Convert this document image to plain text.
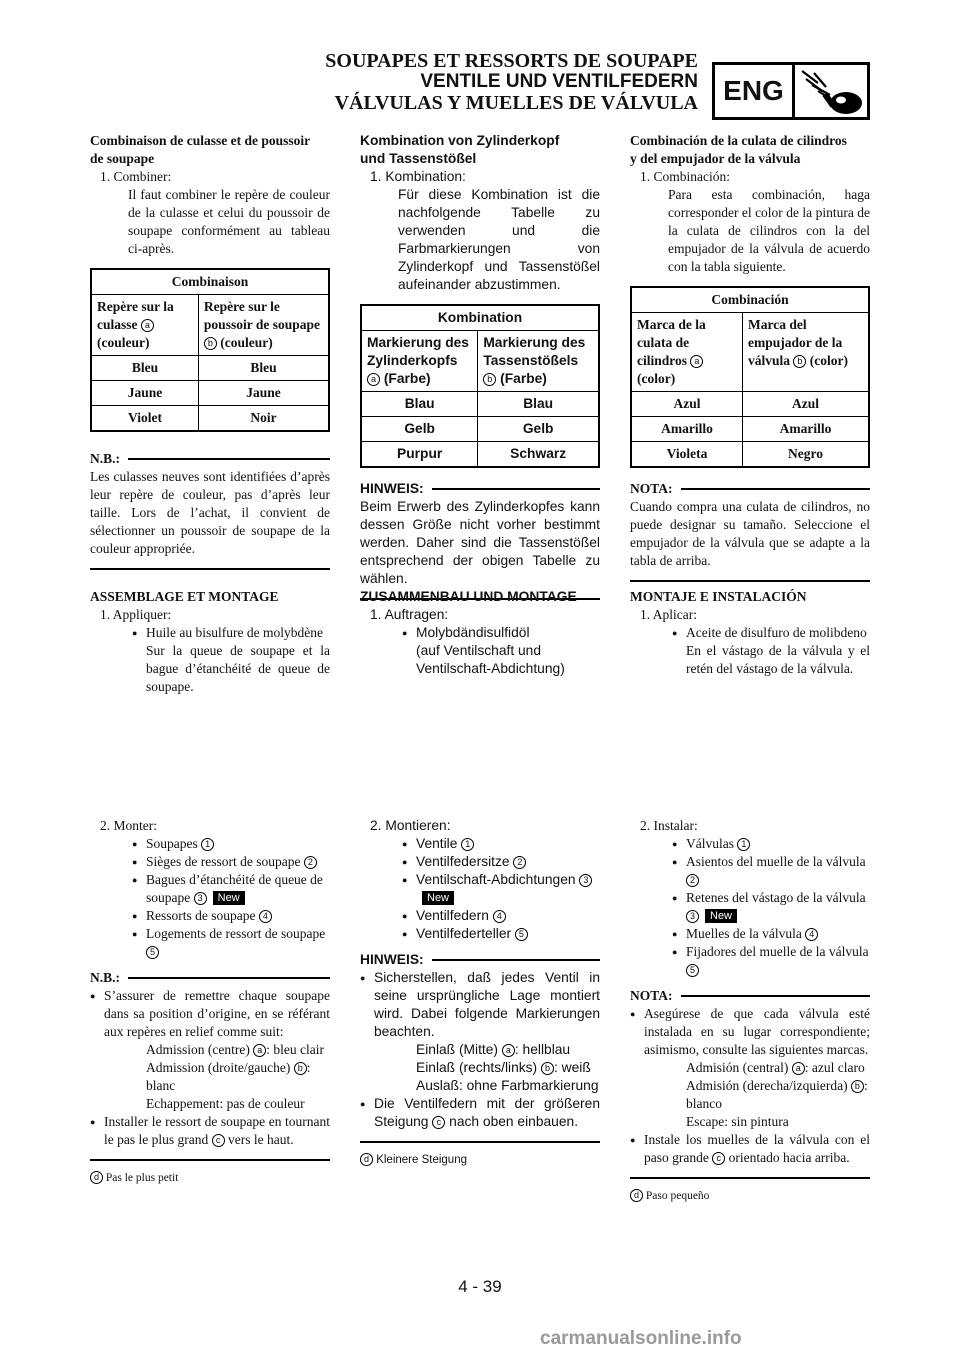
SOUPAPES ET RESSORTS DE SOUPAPE
VENTILE UND VENTILFEDERN
VÁLVULAS Y MUELLES DE VÁLVULA ENG
Combinaison de culasse et de poussoir
de soupape
1. Combiner:
Il faut combiner le repère de couleur de la culasse et celui du poussoir de soupape conformément au tableau ci-après.
Combinaison	
Repère sur la culasse a (couleur)	Repère sur le poussoir de soupape b (couleur)
Bleu	Bleu
Jaune	Jaune
Violet	Noir
N.B.:
Les culasses neuves sont identifiées d’après leur repère de couleur, pas d’après leur taille. Lors de l’achat, il convient de sélectionner un poussoir de soupape de la couleur appropriée.
ASSEMBLAGE ET MONTAGE
1. Appliquer:
● Huile au bisulfure de molybdène
Sur la queue de soupape et la bague d’étanchéité de queue de soupape.
2. Monter:
● Soupapes 1
● Sièges de ressort de soupape 2
● Bagues d’étanchéité de queue de soupape 3 New
● Ressorts de soupape 4
● Logements de ressort de soupape 5
N.B.:
● S’assurer de remettre chaque soupape dans sa position d’origine, en se référant aux repères en relief comme suit:
Admission (centre) a : bleu clair
Admission (droite/gauche) b :
blanc
Echappement: pas de couleur
● Installer le ressort de soupape en tournant le pas le plus grand c vers le haut.
d Pas le plus petit
Kombination von Zylinderkopf
und Tassenstößel
1. Kombination:
Für diese Kombination ist die nachfolgende Tabelle zu verwenden und die Farbmarkierungen von Zylinderkopf und Tassenstößel aufeinander abzustimmen.
Kombination	
Markierung des Zylinderkopfs a (Farbe)	Markierung des Tassenstößels b (Farbe)
Blau	Blau
Gelb	Gelb
Purpur	Schwarz
HINWEIS:
Beim Erwerb des Zylinderkopfes kann dessen Größe nicht vorher bestimmt werden. Daher sind die Tassenstößel entsprechend der obigen Tabelle zu wählen.
ZUSAMMENBAU UND MONTAGE
1. Auftragen:
● Molybdändisulfidöl
(auf Ventilschaft und Ventilschaft-Abdichtung)
2. Montieren:
● Ventile 1
● Ventilfedersitze 2
● Ventilschaft-Abdichtungen 3New
● Ventilfedern 4
● Ventilfederteller 5
HINWEIS:
● Sicherstellen, daß jedes Ventil in seine ursprüngliche Lage montiert wird. Dabei folgende Markierungen beachten.
Einlaß (Mitte) a : hellblau
Einlaß (rechts/links) b : weiß
Auslaß: ohne Farbmarkierung
● Die Ventilfedern mit der größeren Steigung c nach oben einbauen.
d Kleinere Steigung
Combinación de la culata de cilindros
y del empujador de la válvula
1. Combinación:
Para esta combinación, haga corresponder el color de la pintura de la culata de cilindros con la del empujador de la válvula de acuerdo con la tabla siguiente.
Combinación	
Marca de la culata de cilindros a (color)	Marca del empujador de la válvula b (color)
Azul	Azul
Amarillo	Amarillo
Violeta	Negro
NOTA:
Cuando compra una culata de cilindros, no puede designar su tamaño. Seleccione el empujador de la válvula que se adapte a la tabla de arriba.
MONTAJE E INSTALACIÓN
1. Aplicar:
● Aceite de disulfuro de molibdeno
En el vástago de la válvula y el retén del vástago de la válvula.
2. Instalar:
● Válvulas 1
● Asientos del muelle de la válvula 2
● Retenes del vástago de la válvula 3 New
● Muelles de la válvula 4
● Fijadores del muelle de la válvula 5
NOTA:
● Asegúrese de que cada válvula esté instalada en su lugar correspondiente; asimismo, consulte las siguientes marcas.
Admisión (central) a : azul claro
Admisión (derecha/izquierda) b : blanco
Escape: sin pintura
● Instale los muelles de la válvula con el paso grande c orientado hacia arriba.
d Paso pequeño
4 - 39
carmanualsonline.info
